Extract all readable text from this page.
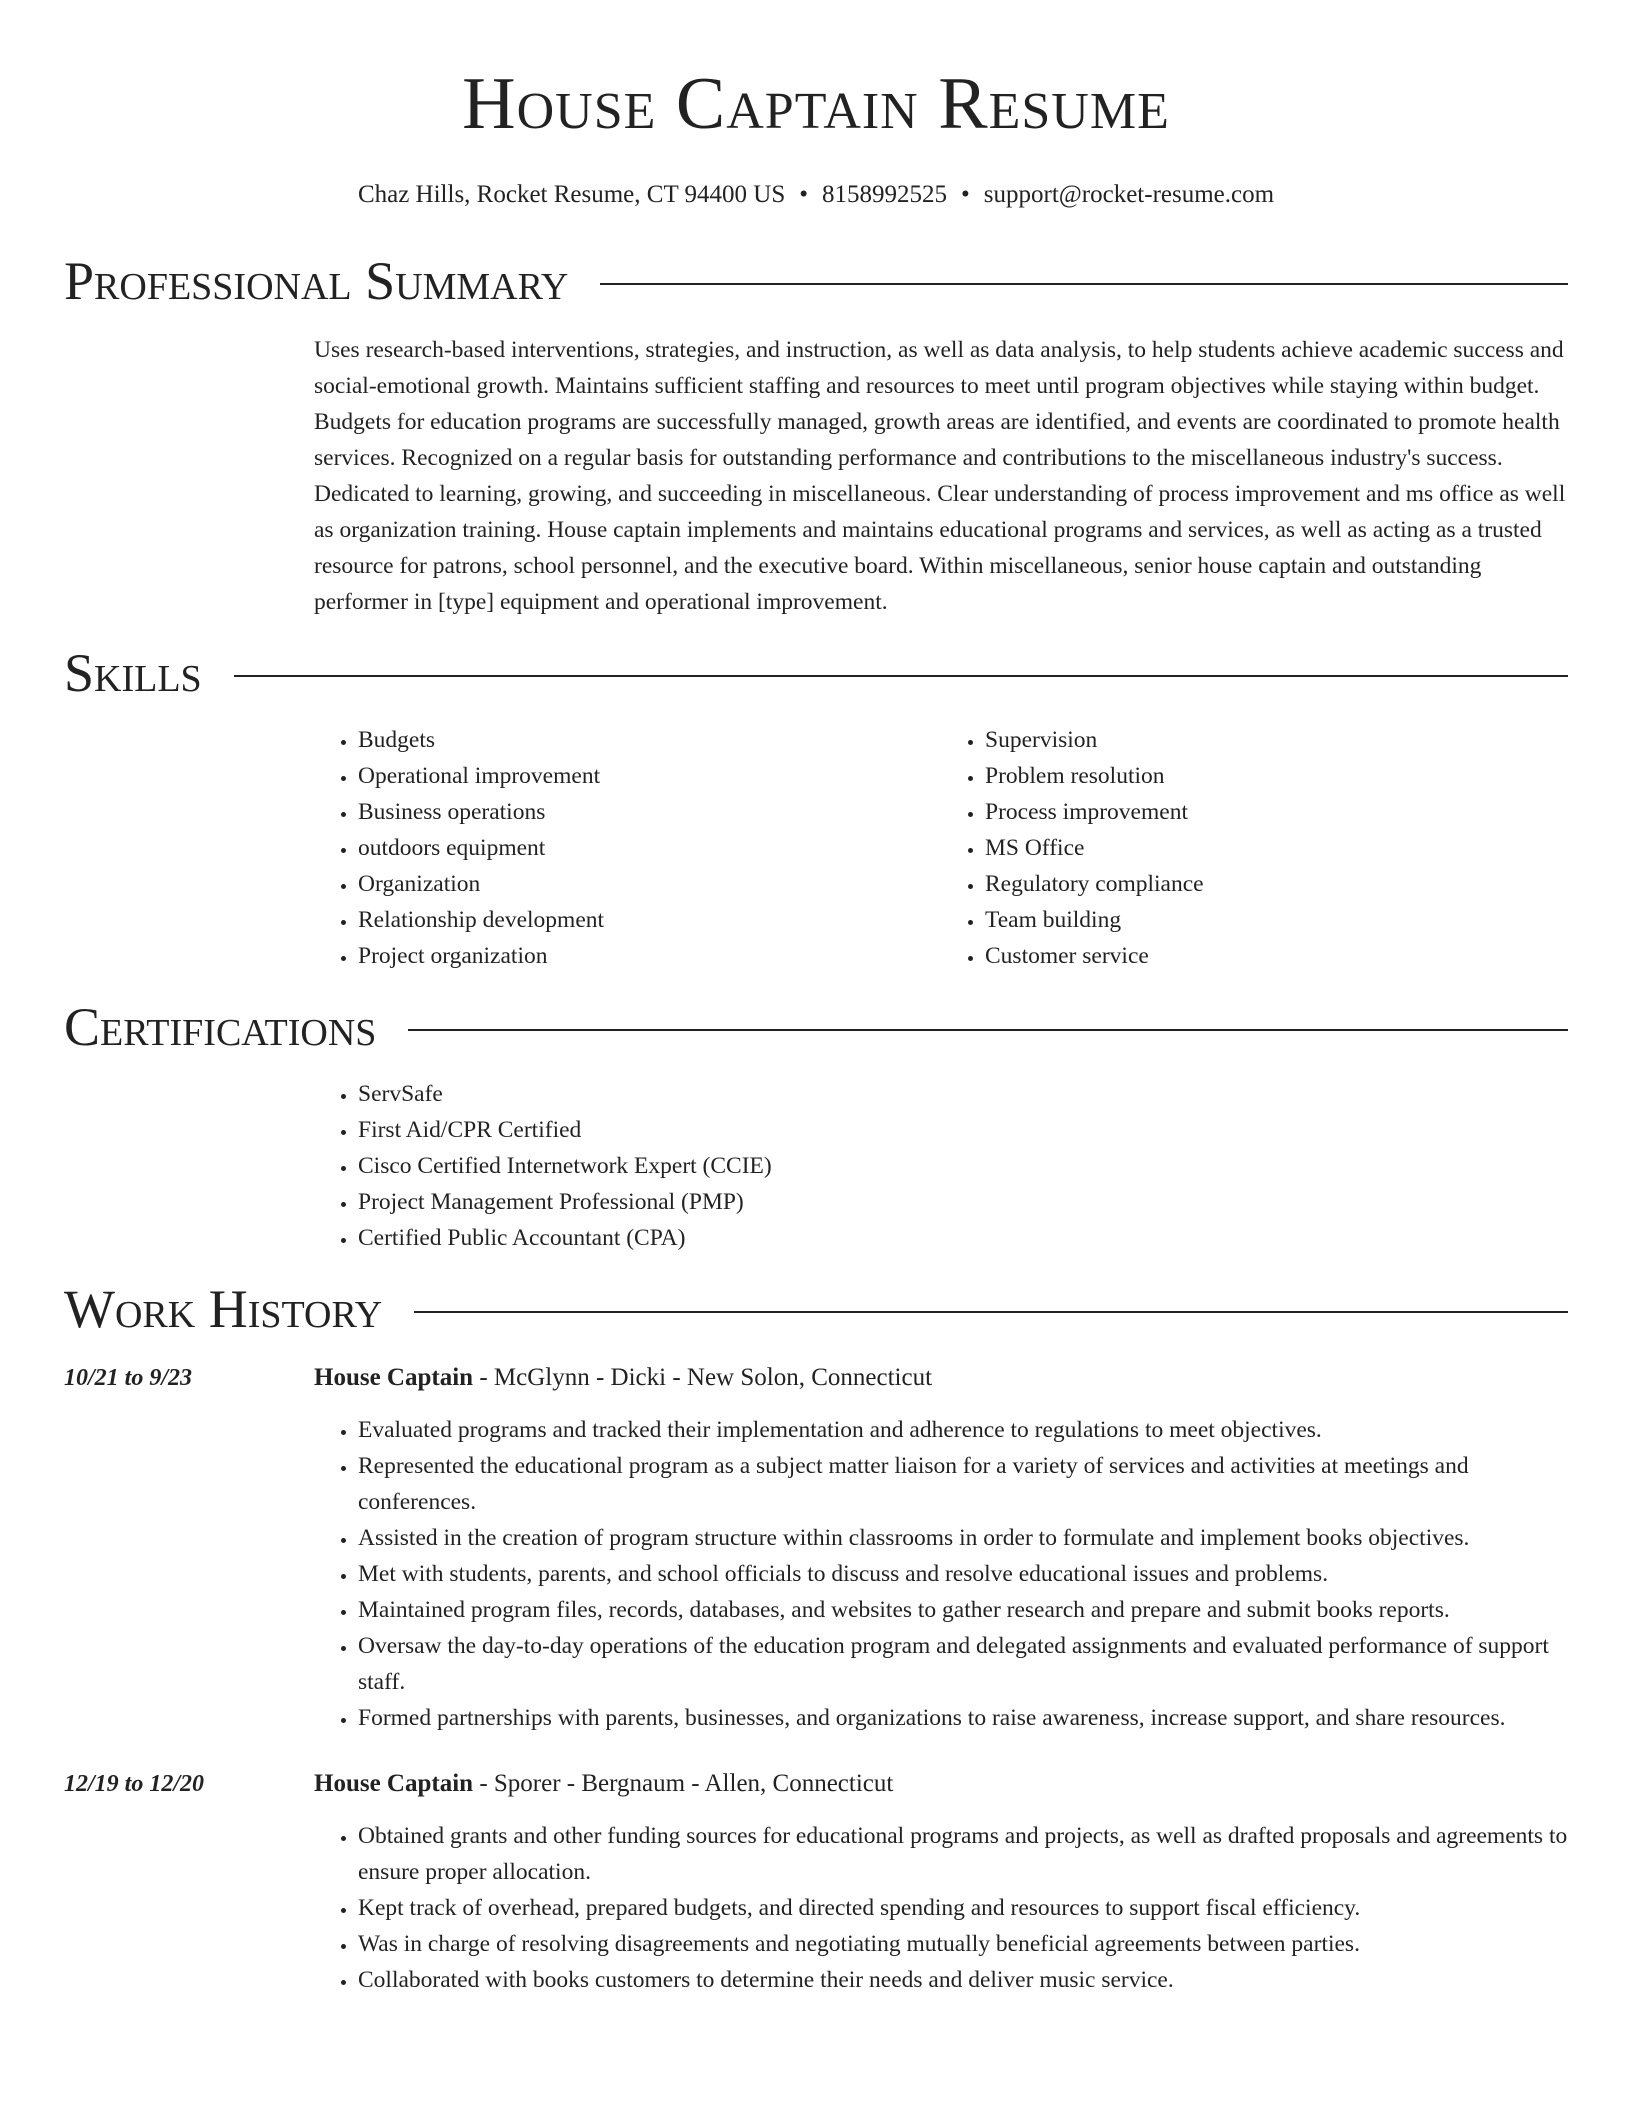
House Captain Resume
Chaz Hills, Rocket Resume, CT 94400 US • 8158992525 • support@rocket-resume.com
Professional Summary
Uses research-based interventions, strategies, and instruction, as well as data analysis, to help students achieve academic success and social-emotional growth. Maintains sufficient staffing and resources to meet until program objectives while staying within budget. Budgets for education programs are successfully managed, growth areas are identified, and events are coordinated to promote health services. Recognized on a regular basis for outstanding performance and contributions to the miscellaneous industry's success. Dedicated to learning, growing, and succeeding in miscellaneous. Clear understanding of process improvement and ms office as well as organization training. House captain implements and maintains educational programs and services, as well as acting as a trusted resource for patrons, school personnel, and the executive board. Within miscellaneous, senior house captain and outstanding performer in [type] equipment and operational improvement.
Skills
• Budgets
• Operational improvement
• Business operations
• outdoors equipment
• Organization
• Relationship development
• Project organization
• Supervision
• Problem resolution
• Process improvement
• MS Office
• Regulatory compliance
• Team building
• Customer service
Certifications
• ServSafe
• First Aid/CPR Certified
• Cisco Certified Internetwork Expert (CCIE)
• Project Management Professional (PMP)
• Certified Public Accountant (CPA)
Work History
10/21 to 9/23	House Captain - McGlynn - Dicki - New Solon, Connecticut
• Evaluated programs and tracked their implementation and adherence to regulations to meet objectives.
• Represented the educational program as a subject matter liaison for a variety of services and activities at meetings and conferences.
• Assisted in the creation of program structure within classrooms in order to formulate and implement books objectives.
• Met with students, parents, and school officials to discuss and resolve educational issues and problems.
• Maintained program files, records, databases, and websites to gather research and prepare and submit books reports.
• Oversaw the day-to-day operations of the education program and delegated assignments and evaluated performance of support staff.
• Formed partnerships with parents, businesses, and organizations to raise awareness, increase support, and share resources.
12/19 to 12/20	House Captain - Sporer - Bergnaum - Allen, Connecticut
• Obtained grants and other funding sources for educational programs and projects, as well as drafted proposals and agreements to ensure proper allocation.
• Kept track of overhead, prepared budgets, and directed spending and resources to support fiscal efficiency.
• Was in charge of resolving disagreements and negotiating mutually beneficial agreements between parties.
• Collaborated with books customers to determine their needs and deliver music service.
